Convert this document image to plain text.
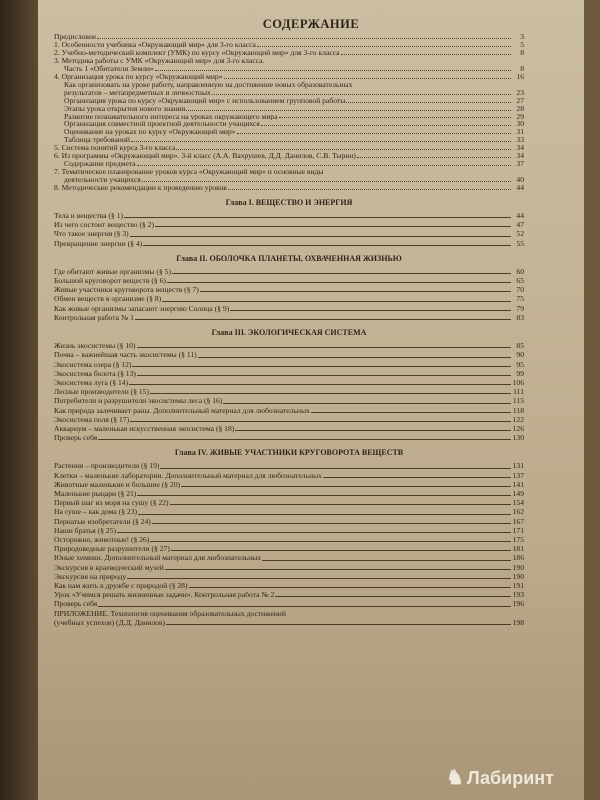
СОДЕРЖАНИЕ
Предисловие	3
1. Особенности учебника «Окружающий мир» для 3-го класса	5
2. Учебно-методический комплект (УМК) по курсу «Окружающий мир» для 3-го класса	8
3. Методика работы с УМК «Окружающий мир» для 3-го класса.
Часть 1 «Обитатели Земли»	8
4. Организация урока по курсу «Окружающий мир»	16
Как организовать на уроке работу, направленную на достижение новых образовательных
результатов – метапредметных и личностных	23
Организация урока по курсу «Окружающий мир» с использованием групповой работы	27
Этапы урока открытия нового знания	28
Развитие познавательного интереса на уроках окружающего мира	29
Организация совместной проектной деятельности учащихся	30
Оценивание на уроках по курсу «Окружающий мир»	31
Таблица требований	33
5. Система понятий курса 3-го класса	34
6. Из программы «Окружающий мир». 3-й класс (А.А. Вахрушев, Д.Д. Данилов, С.В. Тырин)	34
Содержание предмета	37
7. Тематическое планирование уроков курса «Окружающий мир» и основные виды
деятельности учащихся	40
8. Методические рекомендации к проведению уроков	44
Глава I. ВЕЩЕСТВО И ЭНЕРГИЯ
Тела и вещества (§ 1)	44
Из чего состоит вещество (§ 2)	47
Что такое энергия (§ 3)	52
Превращение энергии (§ 4)	55
Глава II. ОБОЛОЧКА ПЛАНЕТЫ, ОХВАЧЕННАЯ ЖИЗНЬЮ
Где обитают живые организмы (§ 5)	60
Большой круговорот веществ (§ 6)	65
Живые участники круговорота веществ (§ 7)	70
Обмен веществ в организме (§ 8)	75
Как живые организмы запасают энергию Солнца (§ 9)	79
Контрольная работа № 1	83
Глава III. ЭКОЛОГИЧЕСКАЯ СИСТЕМА
Жизнь экосистемы (§ 10)	85
Почва – важнейшая часть экосистемы (§ 11)	90
Экосистема озера (§ 12)	95
Экосистема болота (§ 13)	99
Экосистема луга (§ 14)	106
Лесные производители (§ 15)	111
Потребители и разрушители экосистемы леса (§ 16)	115
Как природа залечивает раны. Дополнительный материал для любознательных	118
Экосистема поля (§ 17)	122
Аквариум – маленькая искусственная экосистема (§ 18)	126
Проверь себя	130
Глава IV. ЖИВЫЕ УЧАСТНИКИ КРУГОВОРОТА ВЕЩЕСТВ
Растения – производители (§ 19)	131
Клетки – маленькие лаборатории. Дополнительный материал для любознательных	137
Животные маленькие и большие (§ 20)	141
Маленькие рыцари (§ 21)	149
Первый шаг из моря на сушу (§ 22)	154
На суше – как дома (§ 23)	162
Пернатые изобретатели (§ 24)	167
Наши братья (§ 25)	171
Осторожно, животные! (§ 26)	175
Природоведные разрушители (§ 27)	181
Юные химики. Дополнительный материал для любознательных	186
Экскурсия в краеведческий музей	190
Экскурсия на природу	190
Как нам жить в дружбе с природой (§ 28)	191
Урок «Учимся решать жизненные задачи». Контрольная работа № 2	193
Проверь себя	196
ПРИЛОЖЕНИЕ. Технология оценивания образовательных достижений
(учебных успехов) (Д.Д. Данилов)	198
♞ Лабиринт
